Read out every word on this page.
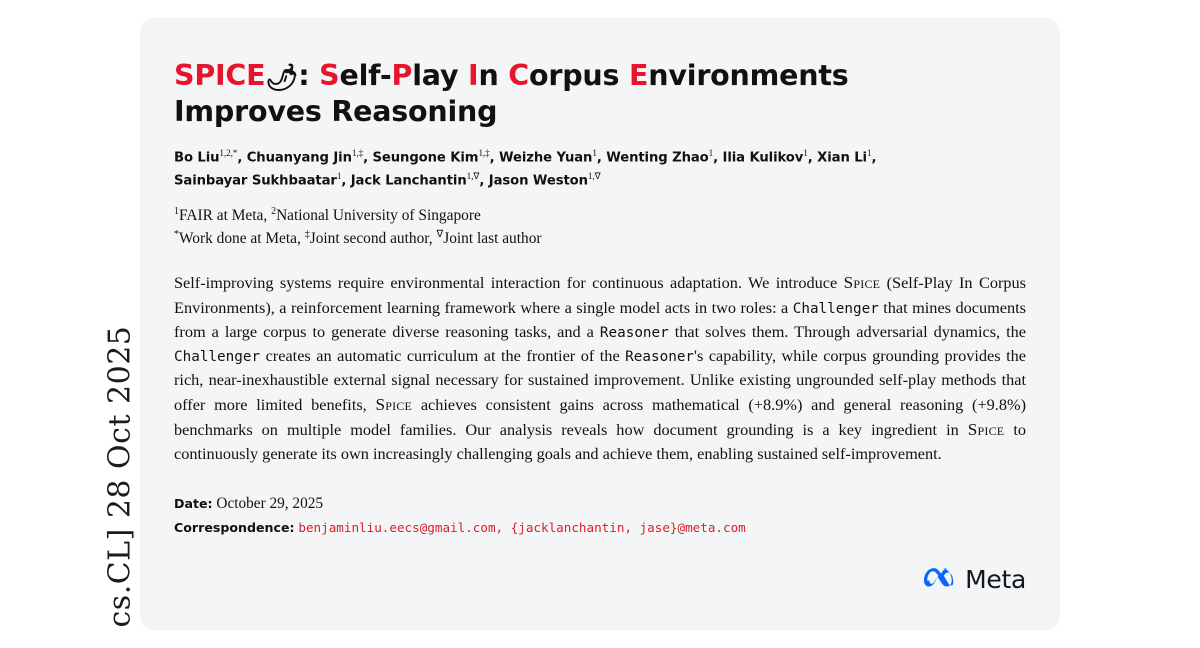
cs.CL] 28 Oct 2025
SPICE🌶: Self-Play In Corpus Environments
Improves Reasoning
Bo Liu$^{1,2,*}$, Chuanyang Jin$^{1,\ddagger}$, Seungone Kim$^{1,\ddagger}$, Weizhe Yuan$^1$, Wenting Zhao$^1$, Ilia Kulikov$^1$, Xian Li$^1$,
Sainbayar Sukhbaatar$^1$, Jack Lanchantin$^{1,\nabla}$, Jason Weston$^{1,\nabla}$
$^1$FAIR at Meta, $^2$National University of Singapore
*Work done at Meta, ‡Joint second author, ∇Joint last author
Self-improving systems require environmental interaction for continuous adaptation. We introduce Spice (Self-Play In Corpus Environments), a reinforcement learning framework where a single model acts in two roles: a Challenger that mines documents from a large corpus to generate diverse reasoning tasks, and a Reasoner that solves them. Through adversarial dynamics, the Challenger creates an automatic curriculum at the frontier of the Reasoner's capability, while corpus grounding provides the rich, near-inexhaustible external signal necessary for sustained improvement. Unlike existing ungrounded self-play methods that offer more limited benefits, Spice achieves consistent gains across mathematical (+8.9%) and general reasoning (+9.8%) benchmarks on multiple model families. Our analysis reveals how document grounding is a key ingredient in Spice to continuously generate its own increasingly challenging goals and achieve them, enabling sustained self-improvement.
Date: October 29, 2025
Correspondence: benjaminliu.eecs@gmail.com, {jacklanchantin, jase}@meta.com
Meta
